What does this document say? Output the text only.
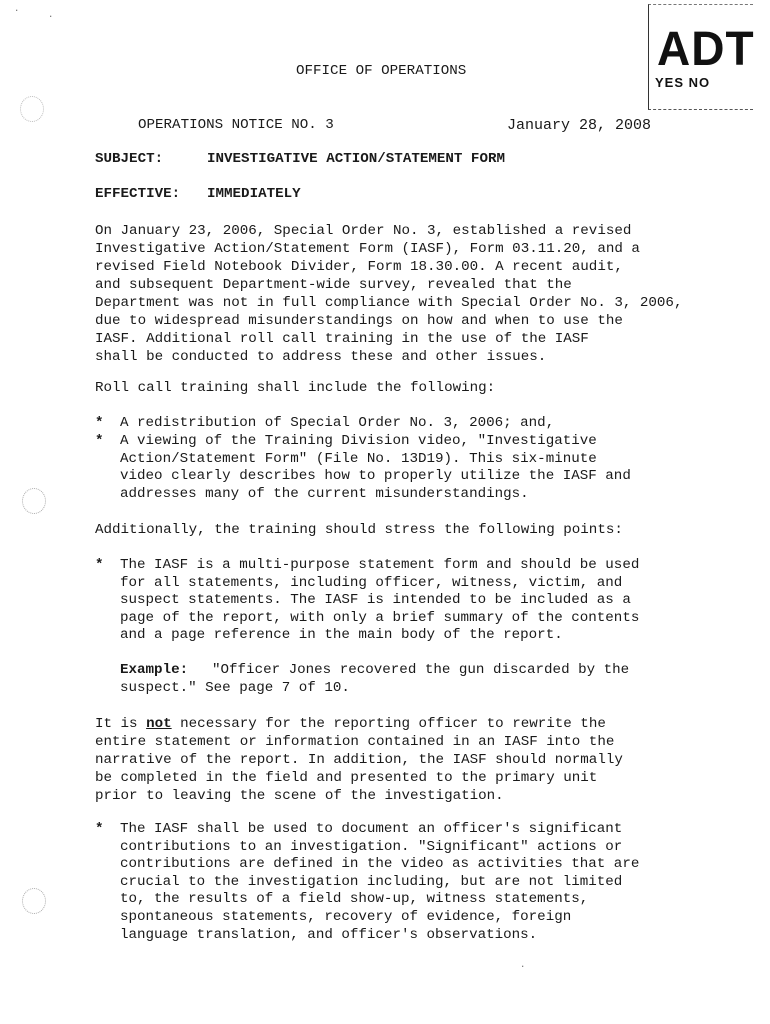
ADT
YES NO
OFFICE OF OPERATIONS
OPERATIONS NOTICE NO. 3	January 28, 2008
SUBJECT:	INVESTIGATIVE ACTION/STATEMENT FORM
EFFECTIVE: IMMEDIATELY
On January 23, 2006, Special Order No. 3, established a revised
Investigative Action/Statement Form (IASF), Form 03.11.20, and a
revised Field Notebook Divider, Form 18.30.00. A recent audit,
and subsequent Department-wide survey, revealed that the
Department was not in full compliance with Special Order No. 3, 2006,
due to widespread misunderstandings on how and when to use the
IASF. Additional roll call training in the use of the IASF
shall be conducted to address these and other issues.
Roll call training shall include the following:
* A redistribution of Special Order No. 3, 2006; and,
* A viewing of the Training Division video, "Investigative
Action/Statement Form" (File No. 13D19). This six-minute
video clearly describes how to properly utilize the IASF and
addresses many of the current misunderstandings.
Additionally, the training should stress the following points:
* The IASF is a multi-purpose statement form and should be used
for all statements, including officer, witness, victim, and
suspect statements. The IASF is intended to be included as a
page of the report, with only a brief summary of the contents
and a page reference in the main body of the report.
Example: "Officer Jones recovered the gun discarded by the
suspect." See page 7 of 10.
It is not necessary for the reporting officer to rewrite the
entire statement or information contained in an IASF into the
narrative of the report. In addition, the IASF should normally
be completed in the field and presented to the primary unit
prior to leaving the scene of the investigation.
* The IASF shall be used to document an officer's significant
contributions to an investigation. "Significant" actions or
contributions are defined in the video as activities that are
crucial to the investigation including, but are not limited
to, the results of a field show-up, witness statements,
spontaneous statements, recovery of evidence, foreign
language translation, and officer's observations.
·
·
·
